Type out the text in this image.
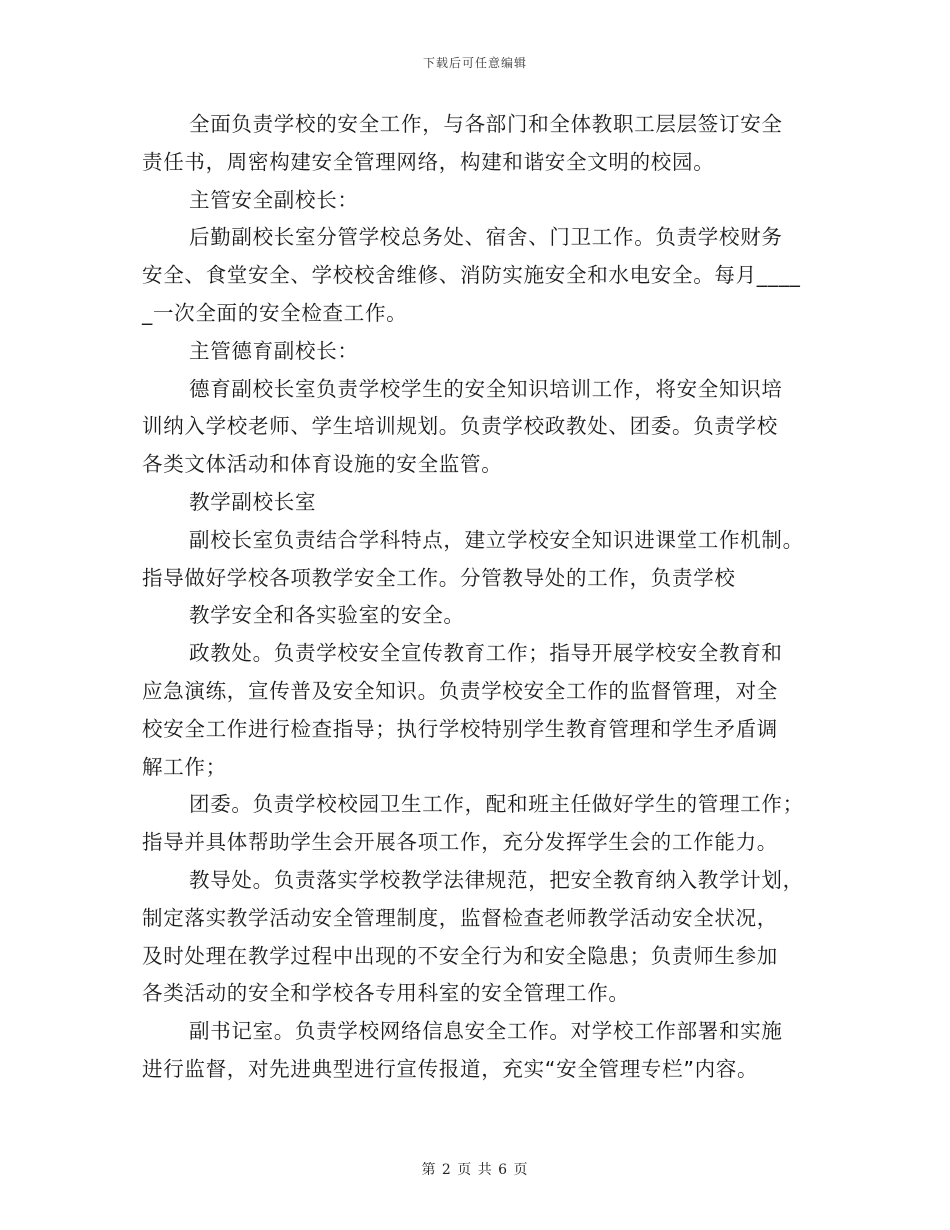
下载后可任意编辑
全面负责学校的安全工作，与各部门和全体教职工层层签订安全
责任书，周密构建安全管理网络，构建和谐安全文明的校园。
主管安全副校长：
后勤副校长室分管学校总务处、宿舍、门卫工作。负责学校财务
安全、食堂安全、学校校舍维修、消防实施安全和水电安全。每月____
_一次全面的安全检查工作。
主管德育副校长：
德育副校长室负责学校学生的安全知识培训工作，将安全知识培
训纳入学校老师、学生培训规划。负责学校政教处、团委。负责学校
各类文体活动和体育设施的安全监管。
教学副校长室
副校长室负责结合学科特点，建立学校安全知识进课堂工作机制。
指导做好学校各项教学安全工作。分管教导处的工作，负责学校
教学安全和各实验室的安全。
政教处。负责学校安全宣传教育工作；指导开展学校安全教育和
应急演练，宣传普及安全知识。负责学校安全工作的监督管理，对全
校安全工作进行检查指导；执行学校特别学生教育管理和学生矛盾调
解工作；
团委。负责学校校园卫生工作，配和班主任做好学生的管理工作；
指导并具体帮助学生会开展各项工作，充分发挥学生会的工作能力。
教导处。负责落实学校教学法律规范，把安全教育纳入教学计划，
制定落实教学活动安全管理制度，监督检查老师教学活动安全状况，
及时处理在教学过程中出现的不安全行为和安全隐患；负责师生参加
各类活动的安全和学校各专用科室的安全管理工作。
副书记室。负责学校网络信息安全工作。对学校工作部署和实施
进行监督，对先进典型进行宣传报道，充实“安全管理专栏”内容。
第 2 页 共 6 页
